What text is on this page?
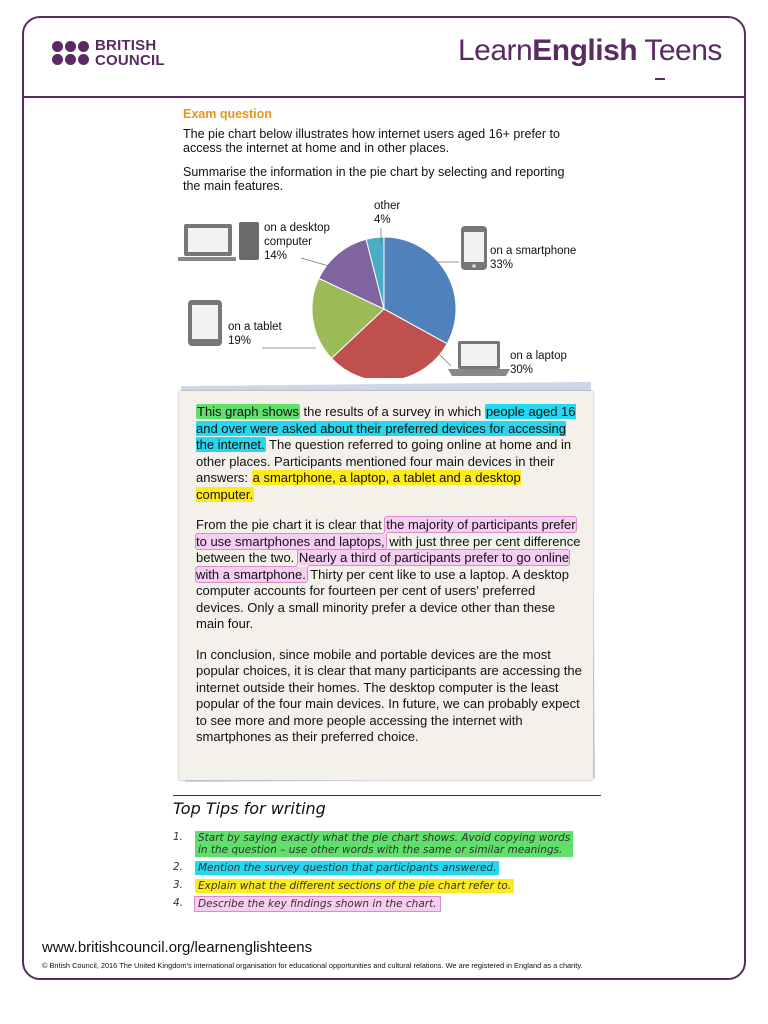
BRITISH
COUNCIL	LearnEnglish Teens
Exam question
The pie chart below illustrates how internet users aged 16+ prefer to
access the internet at home and in other places.
Summarise the information in the pie chart by selecting and reporting
the main features.
other
4%
on a desktop
computer
14%	on a smartphone
33%
on a tablet
19%
on a laptop
30%

This graph shows the results of a survey in which people aged 16 and over were asked about their preferred devices for accessing the internet. The question referred to going online at home and in other places. Participants mentioned four main devices in their answers: a smartphone, a laptop, a tablet and a desktop computer.

From the pie chart it is clear that the majority of participants prefer to use smartphones and laptops, with just three per cent difference between the two. Nearly a third of participants prefer to go online with a smartphone. Thirty per cent like to use a laptop. A desktop computer accounts for fourteen per cent of users' preferred devices. Only a small minority prefer a device other than these main four.

In conclusion, since mobile and portable devices are the most popular choices, it is clear that many participants are accessing the internet outside their homes. The desktop computer is the least popular of the four main devices. In future, we can probably expect to see more and more people accessing the internet with smartphones as their preferred choice.

Top Tips for writing
1.	Start by saying exactly what the pie chart shows. Avoid copying words
in the question – use other words with the same or similar meanings.
2.	Mention the survey question that participants answered.
3.	Explain what the different sections of the pie chart refer to.
4.	Describe the key findings shown in the chart.
www.britishcouncil.org/learnenglishteens
© British Council, 2016 The United Kingdom's international organisation for educational opportunities and cultural relations. We are registered in England as a charity.
